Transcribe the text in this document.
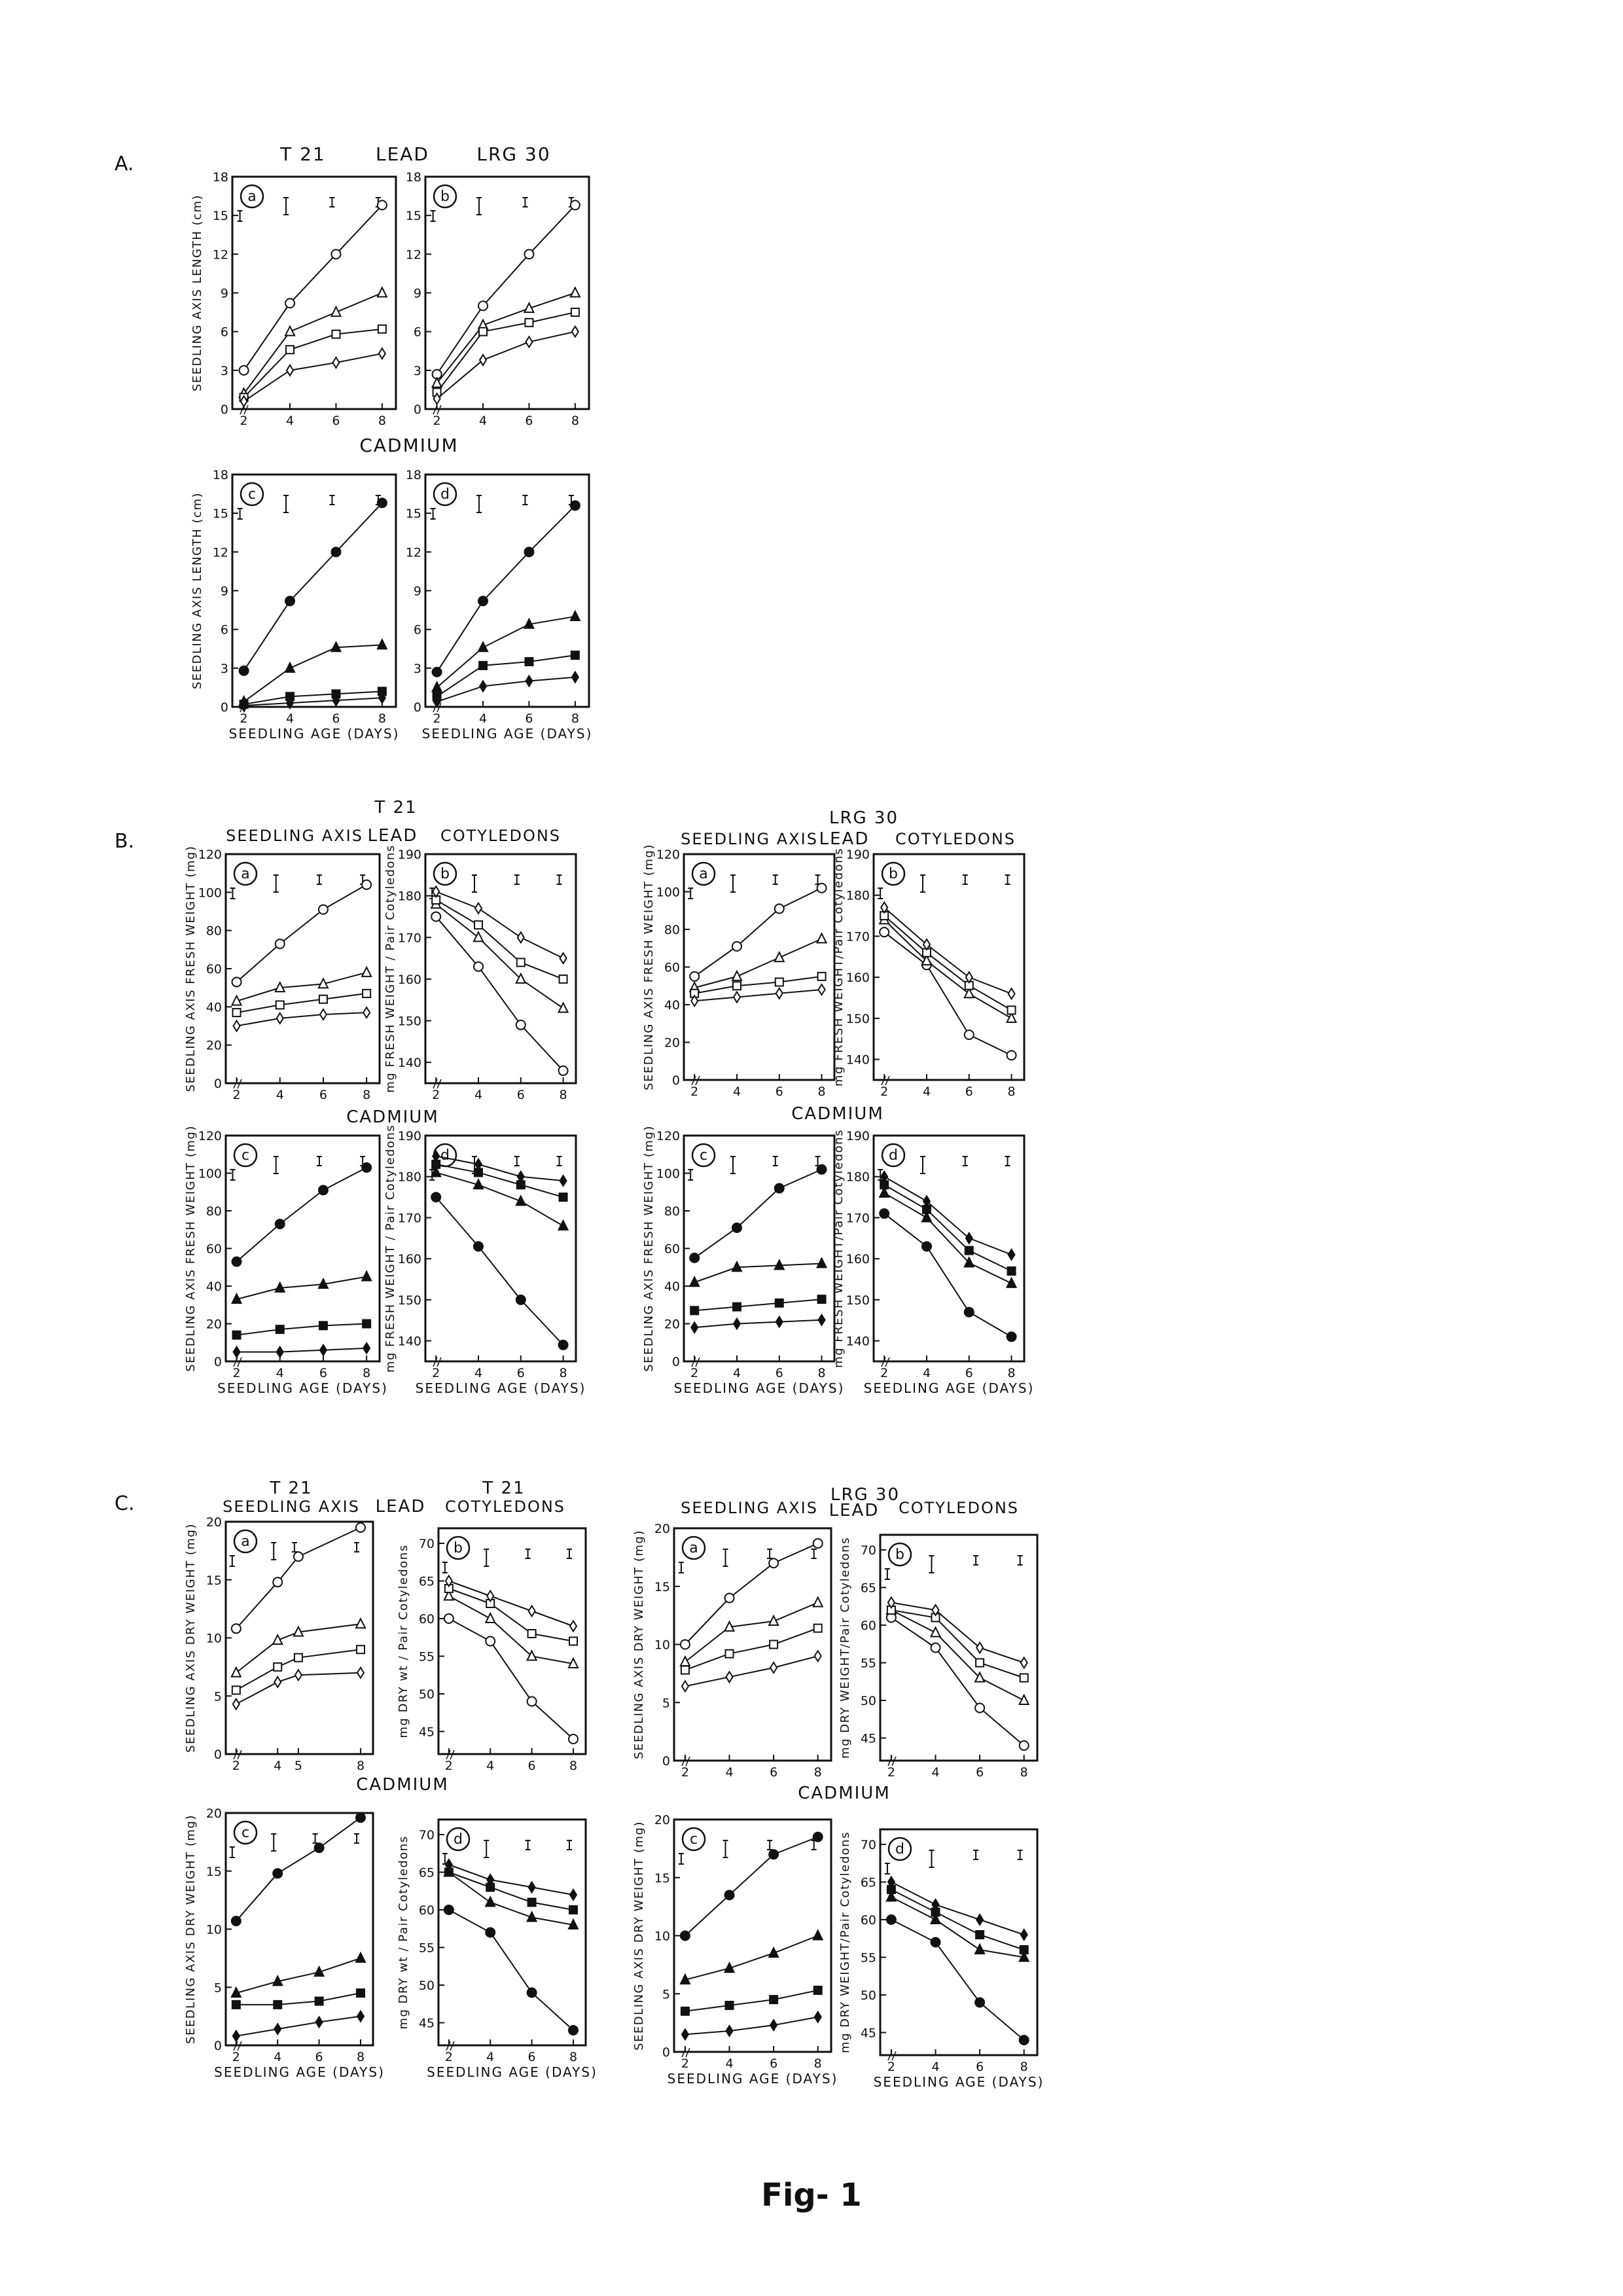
A.	T 21	LEAD	LRG 30
CADMIUM
B.
T 21
SEEDLING AXIS LEAD COTYLEDONS
LRG 30
SEEDLING AXIS LEAD COTYLEDONS
CADMIUM	CADMIUM
C.
T 21	T 21
SEEDLING AXIS LEAD COTYLEDONS
LRG 30
SEEDLING AXIS LEAD COTYLEDONS
CADMIUM	CADMIUM
0
3
6
9
12
15
18
2	4	6	8
a
SEEDLING AXIS LENGTH (cm)
0
3
6
9
12
15
18
2	4	6	8
b
0
3
6
9
12
15
18
2	4	6	8
c
SEEDLING AXIS LENGTH (cm)
SEEDLING AGE (DAYS)
0
3
6
9
12
15
18
2	4	6	8
d
SEEDLING AGE (DAYS)
0
20
40
60
80
100
120
2	4	6	8
a
SEEDLING AXIS FRESH WEIGHT (mg)	140
150
160
170
180
190
2	4	6	8
b
mg FRESH WEIGHT / Pair Cotyledons
0
20
40
60
80
100
120
2	4	6	8
c
SEEDLING AXIS FRESH WEIGHT (mg)
SEEDLING AGE (DAYS)
140
150
160
170
180
190
2	4	6	8
d
mg FRESH WEIGHT / Pair Cotyledons
SEEDLING AGE (DAYS)
0
20
40
60
80
100
120
2	4	6	8
a
SEEDLING AXIS FRESH WEIGHT (mg)	140
150
160
170
180
190
2	4	6	8
b
mg FRESH WEIGHT/Pair Cotyledons
0
20
40
60
80
100
120
2	4	6	8
c
SEEDLING AXIS FRESH WEIGHT (mg)
SEEDLING AGE (DAYS)
140
150
160
170
180
190
2	4	6	8
d
mg FRESH WEIGHT/Pair Cotyledons
SEEDLING AGE (DAYS)
0
5
10
15
20
2	4 5	8
a
SEEDLING AXIS DRY WEIGHT (mg)	45
50
55
60
65
70
2	4	6	8
b
mg DRY wt / Pair Cotyledons
0
5
10
15
20
2	4	6	8
c
SEEDLING AXIS DRY WEIGHT (mg)
SEEDLING AGE (DAYS)
45
50
55
60
65
70
2	4	6	8
d
mg DRY wt / Pair Cotyledons
SEEDLING AGE (DAYS)
0
5
10
15
20
2	4	6	8
a
SEEDLING AXIS DRY WEIGHT (mg)	45
50
55
60
65
70
2	4	6	8
b
mg DRY WEIGHT/Pair Cotyledons
0
5
10
15
20
2	4	6	8
c
SEEDLING AXIS DRY WEIGHT (mg)
SEEDLING AGE (DAYS)
45
50
55
60
65
70
2	4	6	8
d
mg DRY WEIGHT/Pair Cotyledons
SEEDLING AGE (DAYS)
Fig- 1
